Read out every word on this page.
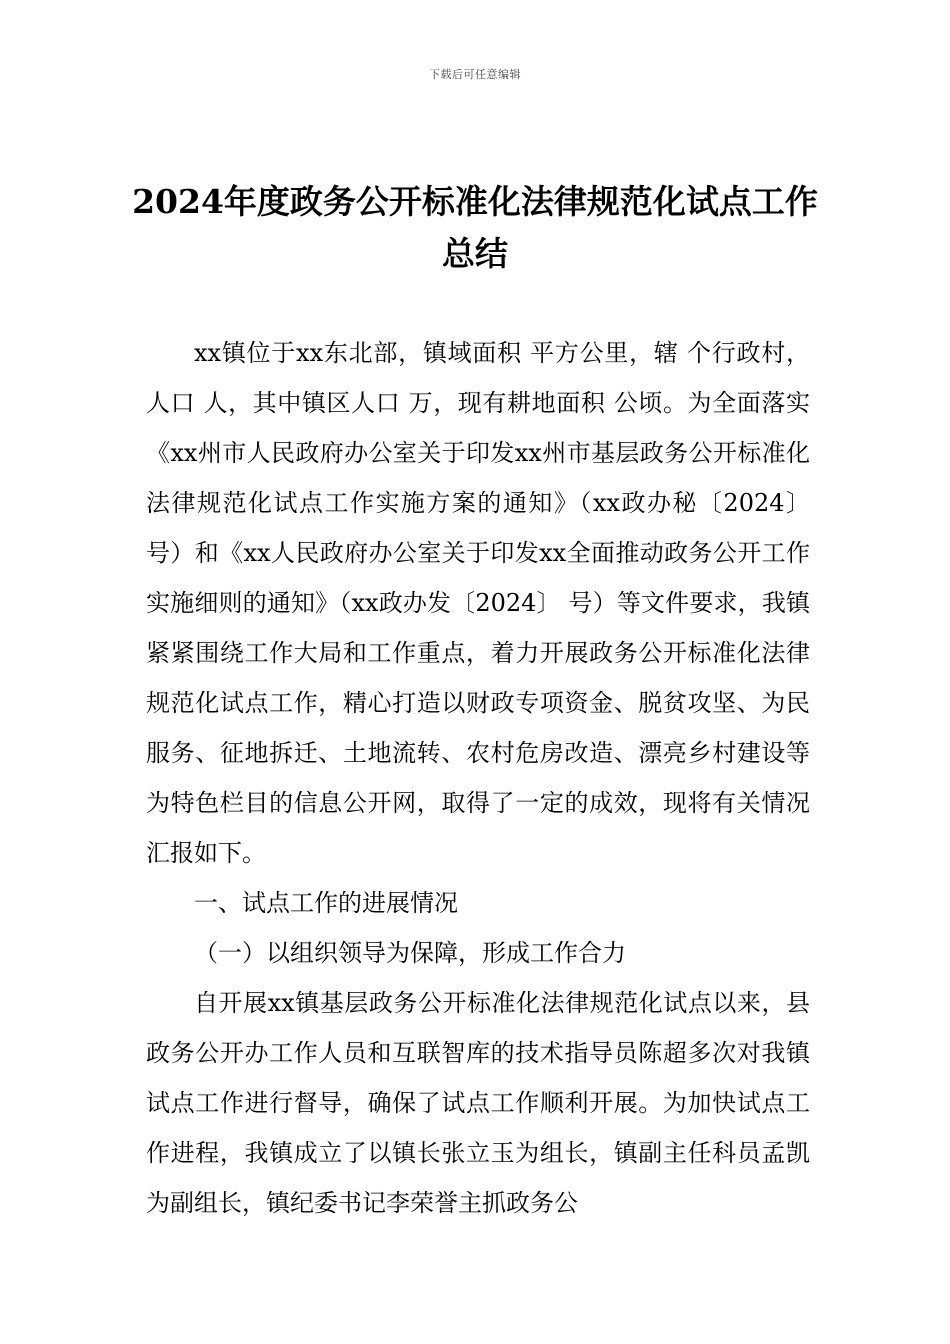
下载后可任意编辑
2024年度政务公开标准化法律规范化试点工作总结

xx镇位于xx东北部，镇域面积 平方公里，辖 个行政村，人口 人，其中镇区人口 万，现有耕地面积 公顷。为全面落实《xx州市人民政府办公室关于印发xx州市基层政务公开标准化法律规范化试点工作实施方案的通知》（xx政办秘〔2024〕 号）和《xx人民政府办公室关于印发xx全面推动政务公开工作实施细则的通知》（xx政办发〔2024〕 号）等文件要求，我镇紧紧围绕工作大局和工作重点，着力开展政务公开标准化法律规范化试点工作，精心打造以财政专项资金、脱贫攻坚、为民服务、征地拆迁、土地流转、农村危房改造、漂亮乡村建设等为特色栏目的信息公开网，取得了一定的成效，现将有关情况汇报如下。

一、试点工作的进展情况

（一）以组织领导为保障，形成工作合力

自开展xx镇基层政务公开标准化法律规范化试点以来，县政务公开办工作人员和互联智库的技术指导员陈超多次对我镇试点工作进行督导，确保了试点工作顺利开展。为加快试点工作进程，我镇成立了以镇长张立玉为组长，镇副主任科员孟凯为副组长，镇纪委书记李荣誉主抓政务公
